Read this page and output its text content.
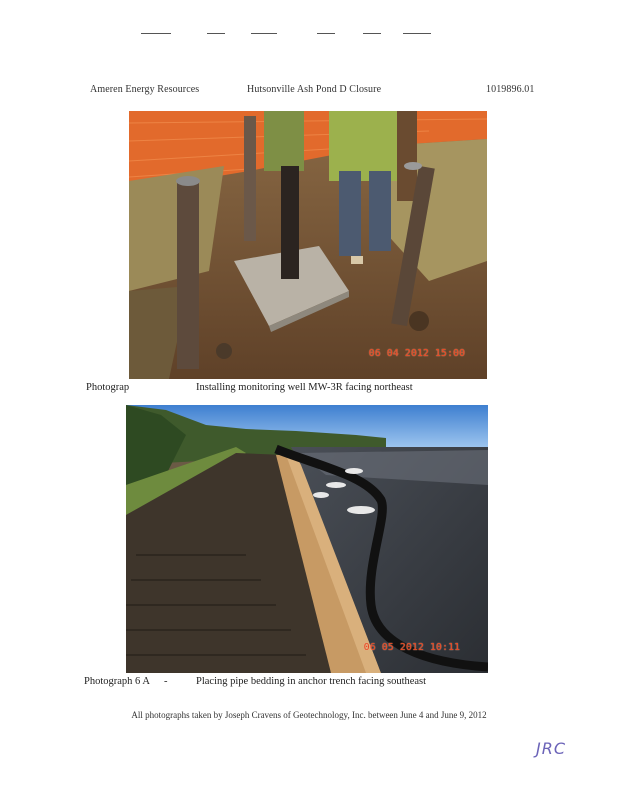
Ameren Energy Resources	Hutsonville Ash Pond D Closure	1019896.01
06 04 2012 15:00
Photograp	Installing monitoring well MW-3R facing northeast
06 05 2012 10:11
Photograph 6 A -	Placing pipe bedding in anchor trench facing southeast
All photographs taken by Joseph Cravens of Geotechnology, Inc. between June 4 and June 9, 2012
JRC
